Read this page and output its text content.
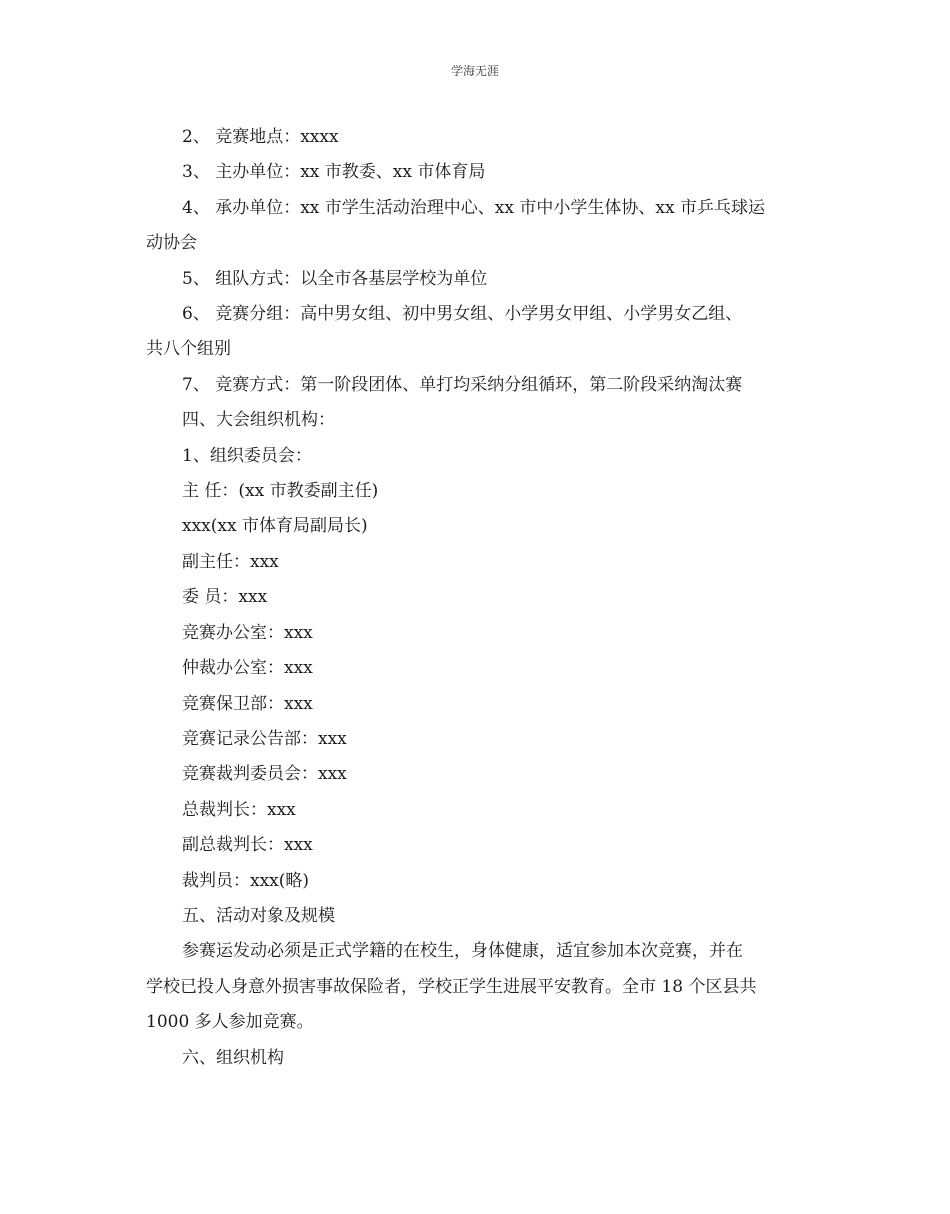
学海无涯
2、 竞赛地点：xxxx
3、 主办单位：xx 市教委、xx 市体育局
4、 承办单位：xx 市学生活动治理中心、xx 市中小学生体协、xx 市乒乓球运
动协会
5、 组队方式：以全市各基层学校为单位
6、 竞赛分组：高中男女组、初中男女组、小学男女甲组、小学男女乙组、
共八个组别
7、 竞赛方式：第一阶段团体、单打均采纳分组循环，第二阶段采纳淘汰赛
四、大会组织机构：
1、组织委员会：
主 任：(xx 市教委副主任)
xxx(xx 市体育局副局长)
副主任：xxx
委 员：xxx
竞赛办公室：xxx
仲裁办公室：xxx
竞赛保卫部：xxx
竞赛记录公告部：xxx
竞赛裁判委员会：xxx
总裁判长：xxx
副总裁判长：xxx
裁判员：xxx(略)
五、活动对象及规模
参赛运发动必须是正式学籍的在校生，身体健康，适宜参加本次竞赛，并在
学校已投人身意外损害事故保险者，学校正学生进展平安教育。全市 18 个区县共
1000 多人参加竞赛。
六、组织机构
